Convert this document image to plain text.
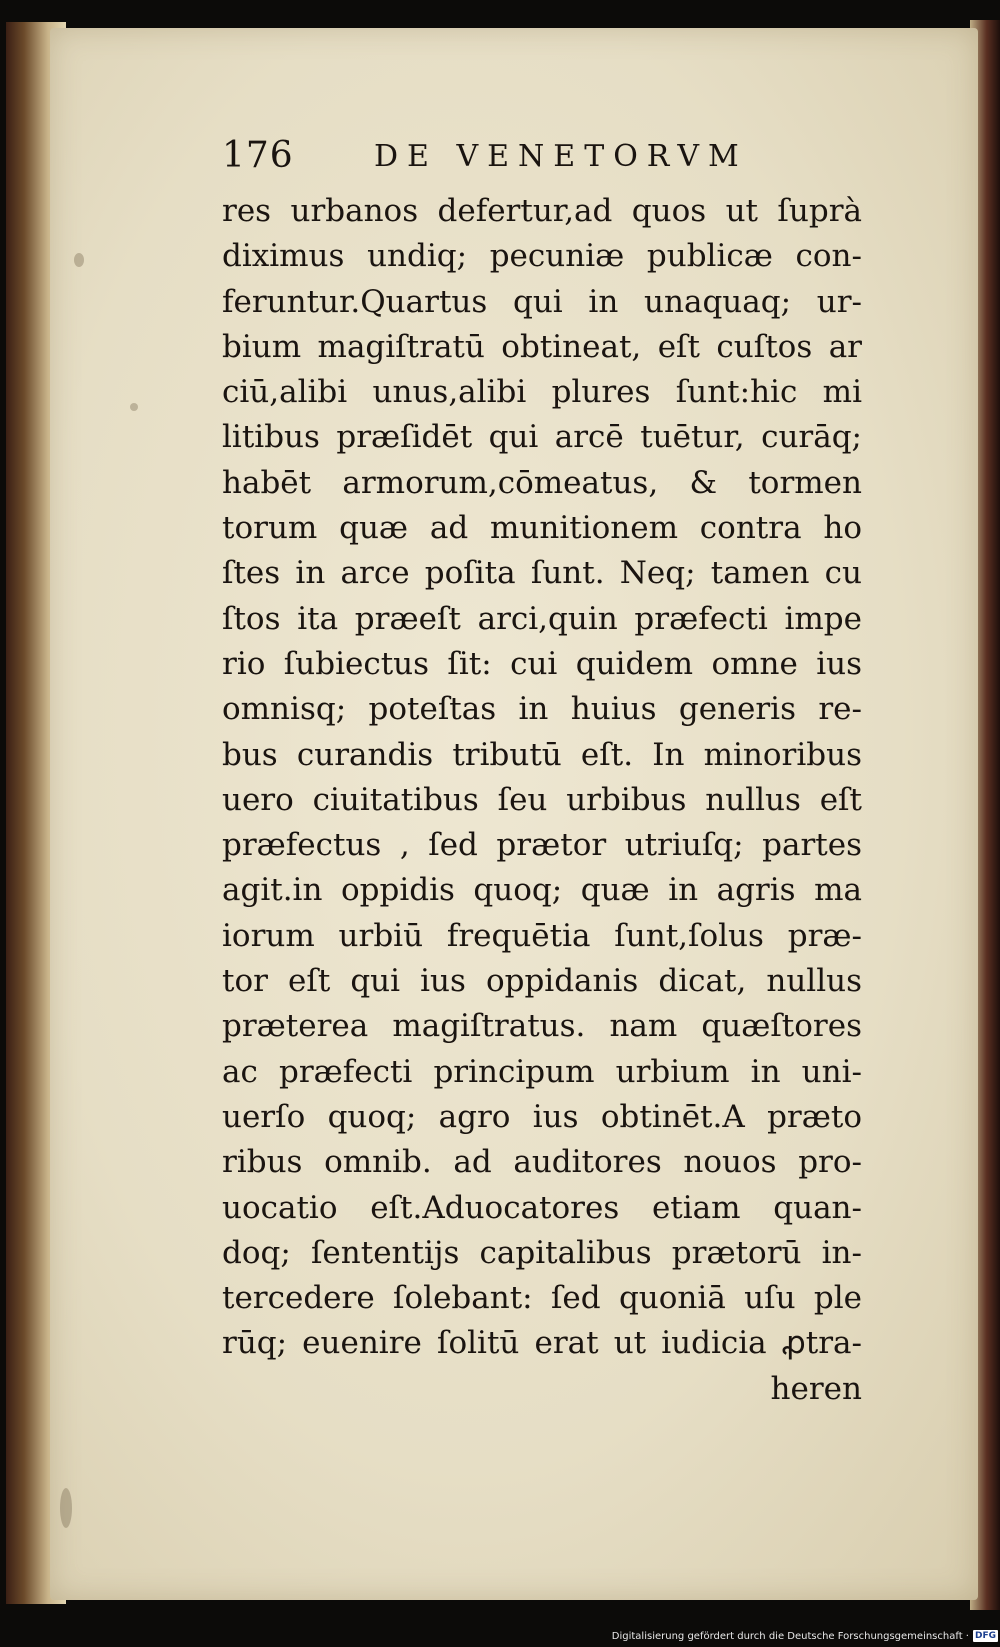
176	DE VENETORVM
res urbanos defertur,ad quos ut ſuprà
diximus undiq; pecuniæ publicæ con-
feruntur.Quartus qui in unaquaq; ur-
bium magiſtratū obtineat, eſt cuſtos ar
ciū,alibi unus,alibi plures ſunt:hic mi
litibus præſidēt qui arcē tuētur, curāq;
habēt armorum,cōmeatus, & tormen
torum quæ ad munitionem contra ho
ſtes in arce poſita ſunt. Neq; tamen cu
ſtos ita præeſt arci,quin præfecti impe
rio ſubiectus ſit: cui quidem omne ius
omnisq; poteſtas in huius generis re-
bus curandis tributū eſt. In minoribus
uero ciuitatibus ſeu urbibus nullus eſt
præfectus , ſed prætor utriuſq; partes
agit.in oppidis quoq; quæ in agris ma
iorum urbiū frequētia ſunt,ſolus præ-
tor eſt qui ius oppidanis dicat, nullus
præterea magiſtratus. nam quæſtores
ac præfecti principum urbium in uni-
uerſo quoq; agro ius obtinēt.A præto
ribus omnib. ad auditores nouos pro-
uocatio eſt.Aduocatores etiam quan-
doq; ſententijs capitalibus prætorū in-
tercedere ſolebant: ſed quoniā uſu ple
rūq; euenire ſolitū erat ut iudicia ꝓtra-
heren
Digitalisierung gefördert durch die Deutsche Forschungsgemeinschaft · DFG
